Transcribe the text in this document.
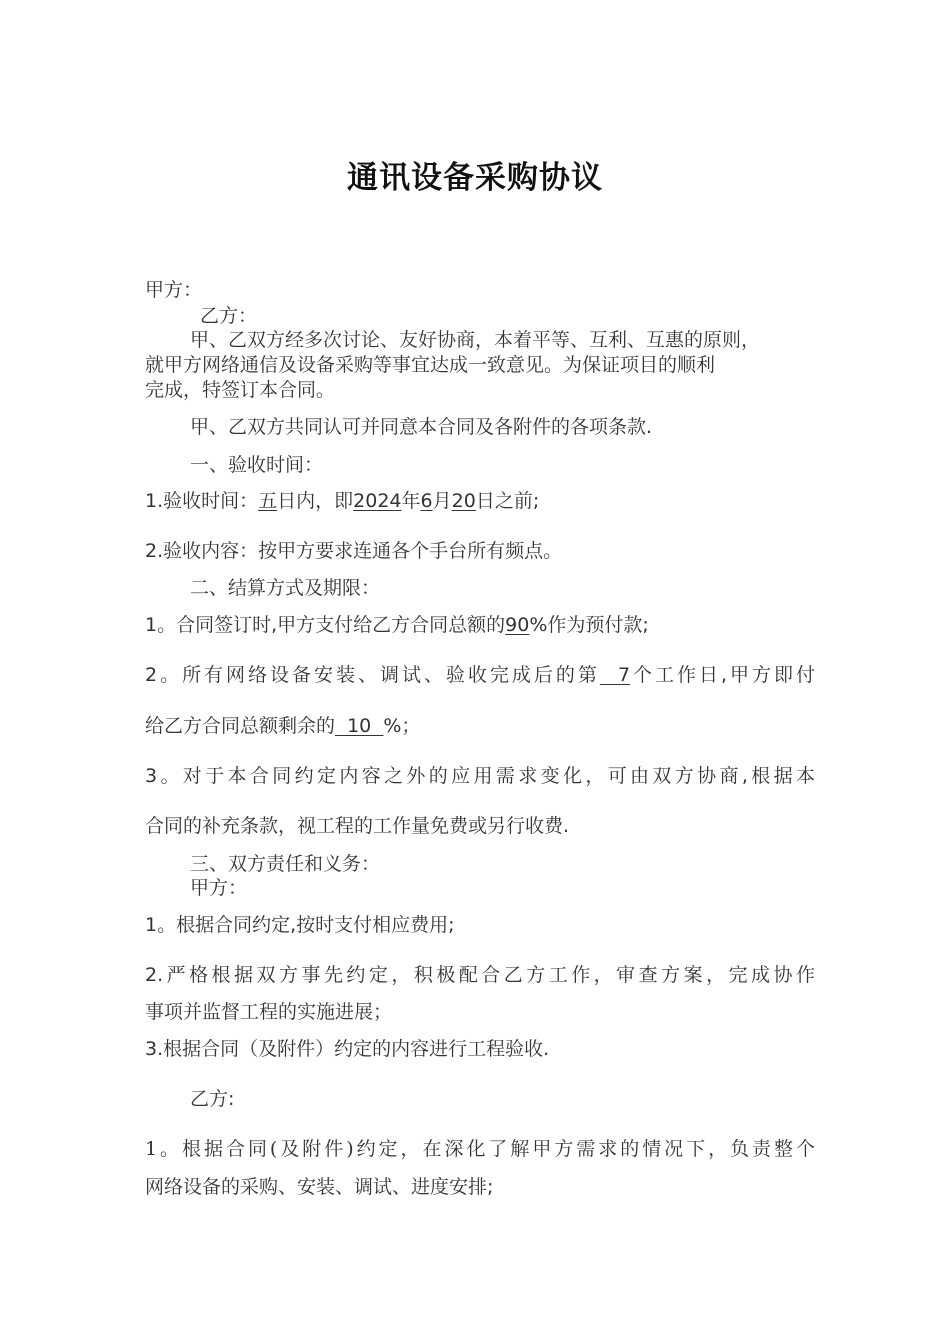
通讯设备采购协议
甲方：
乙方：
甲、乙双方经多次讨论、友好协商，本着平等、互利、互惠的原则，
就甲方网络通信及设备采购等事宜达成一致意见。为保证项目的顺利
完成，特签订本合同。
甲、乙双方共同认可并同意本合同及各附件的各项条款.
一、验收时间：
1.验收时间：五日内，即2024年6月20日之前;
2.验收内容：按甲方要求连通各个手台所有频点。
二、结算方式及期限：
1。合同签订时,甲方支付给乙方合同总额的90%作为预付款;
2。所有网络设备安装、调试、验收完成后的第  7个工作日,甲方即付
给乙方合同总额剩余的  10  %；
3。对于本合同约定内容之外的应用需求变化，可由双方协商,根据本
合同的补充条款，视工程的工作量免费或另行收费.
三、双方责任和义务：
甲方：
1。根据合同约定,按时支付相应费用;
2.严格根据双方事先约定，积极配合乙方工作，审查方案，完成协作
事项并监督工程的实施进展；
3.根据合同（及附件）约定的内容进行工程验收.
乙方:
1。根据合同(及附件)约定，在深化了解甲方需求的情况下，负责整个
网络设备的采购、安装、调试、进度安排;
